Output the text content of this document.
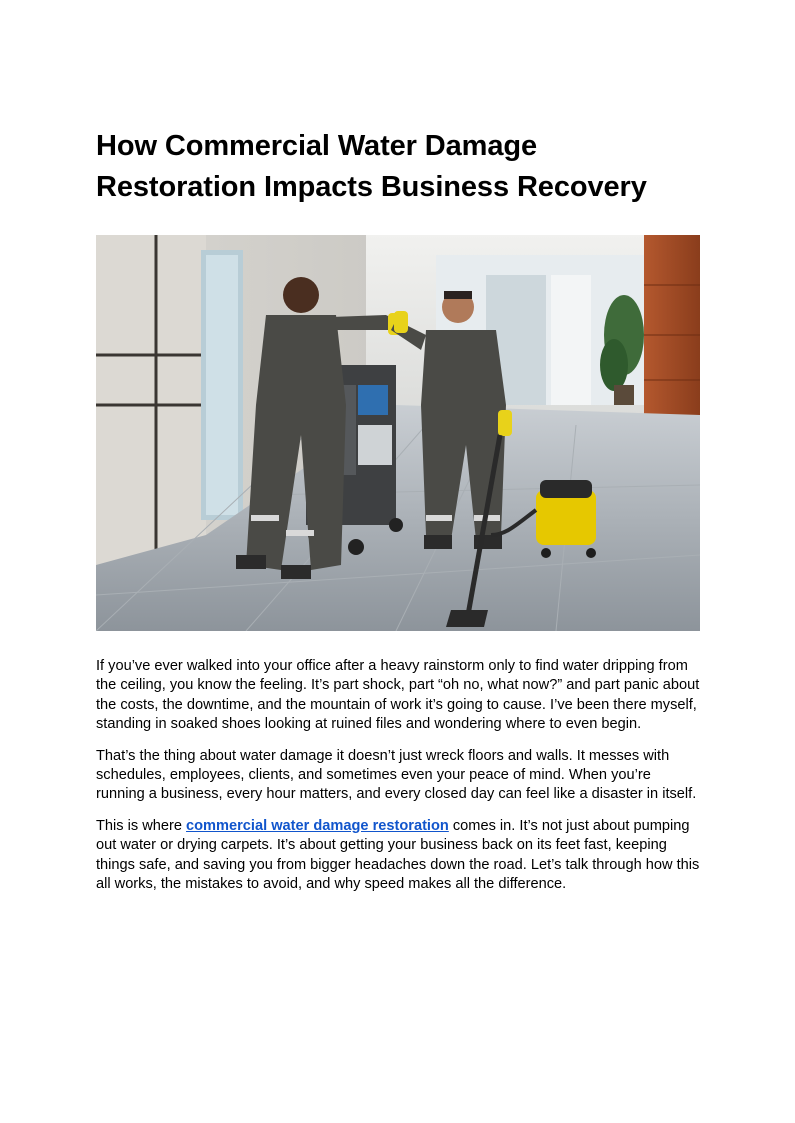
How Commercial Water Damage
Restoration Impacts Business Recovery

If you’ve ever walked into your office after a heavy rainstorm only to find water dripping from the ceiling, you know the feeling. It’s part shock, part “oh no, what now?” and part panic about the costs, the downtime, and the mountain of work it’s going to cause. I’ve been there myself, standing in soaked shoes looking at ruined files and wondering where to even begin.

That’s the thing about water damage it doesn’t just wreck floors and walls. It messes with schedules, employees, clients, and sometimes even your peace of mind. When you’re running a business, every hour matters, and every closed day can feel like a disaster in itself.

This is where commercial water damage restoration comes in. It’s not just about pumping out water or drying carpets. It’s about getting your business back on its feet fast, keeping things safe, and saving you from bigger headaches down the road. Let’s talk through how this all works, the mistakes to avoid, and why speed makes all the difference.
